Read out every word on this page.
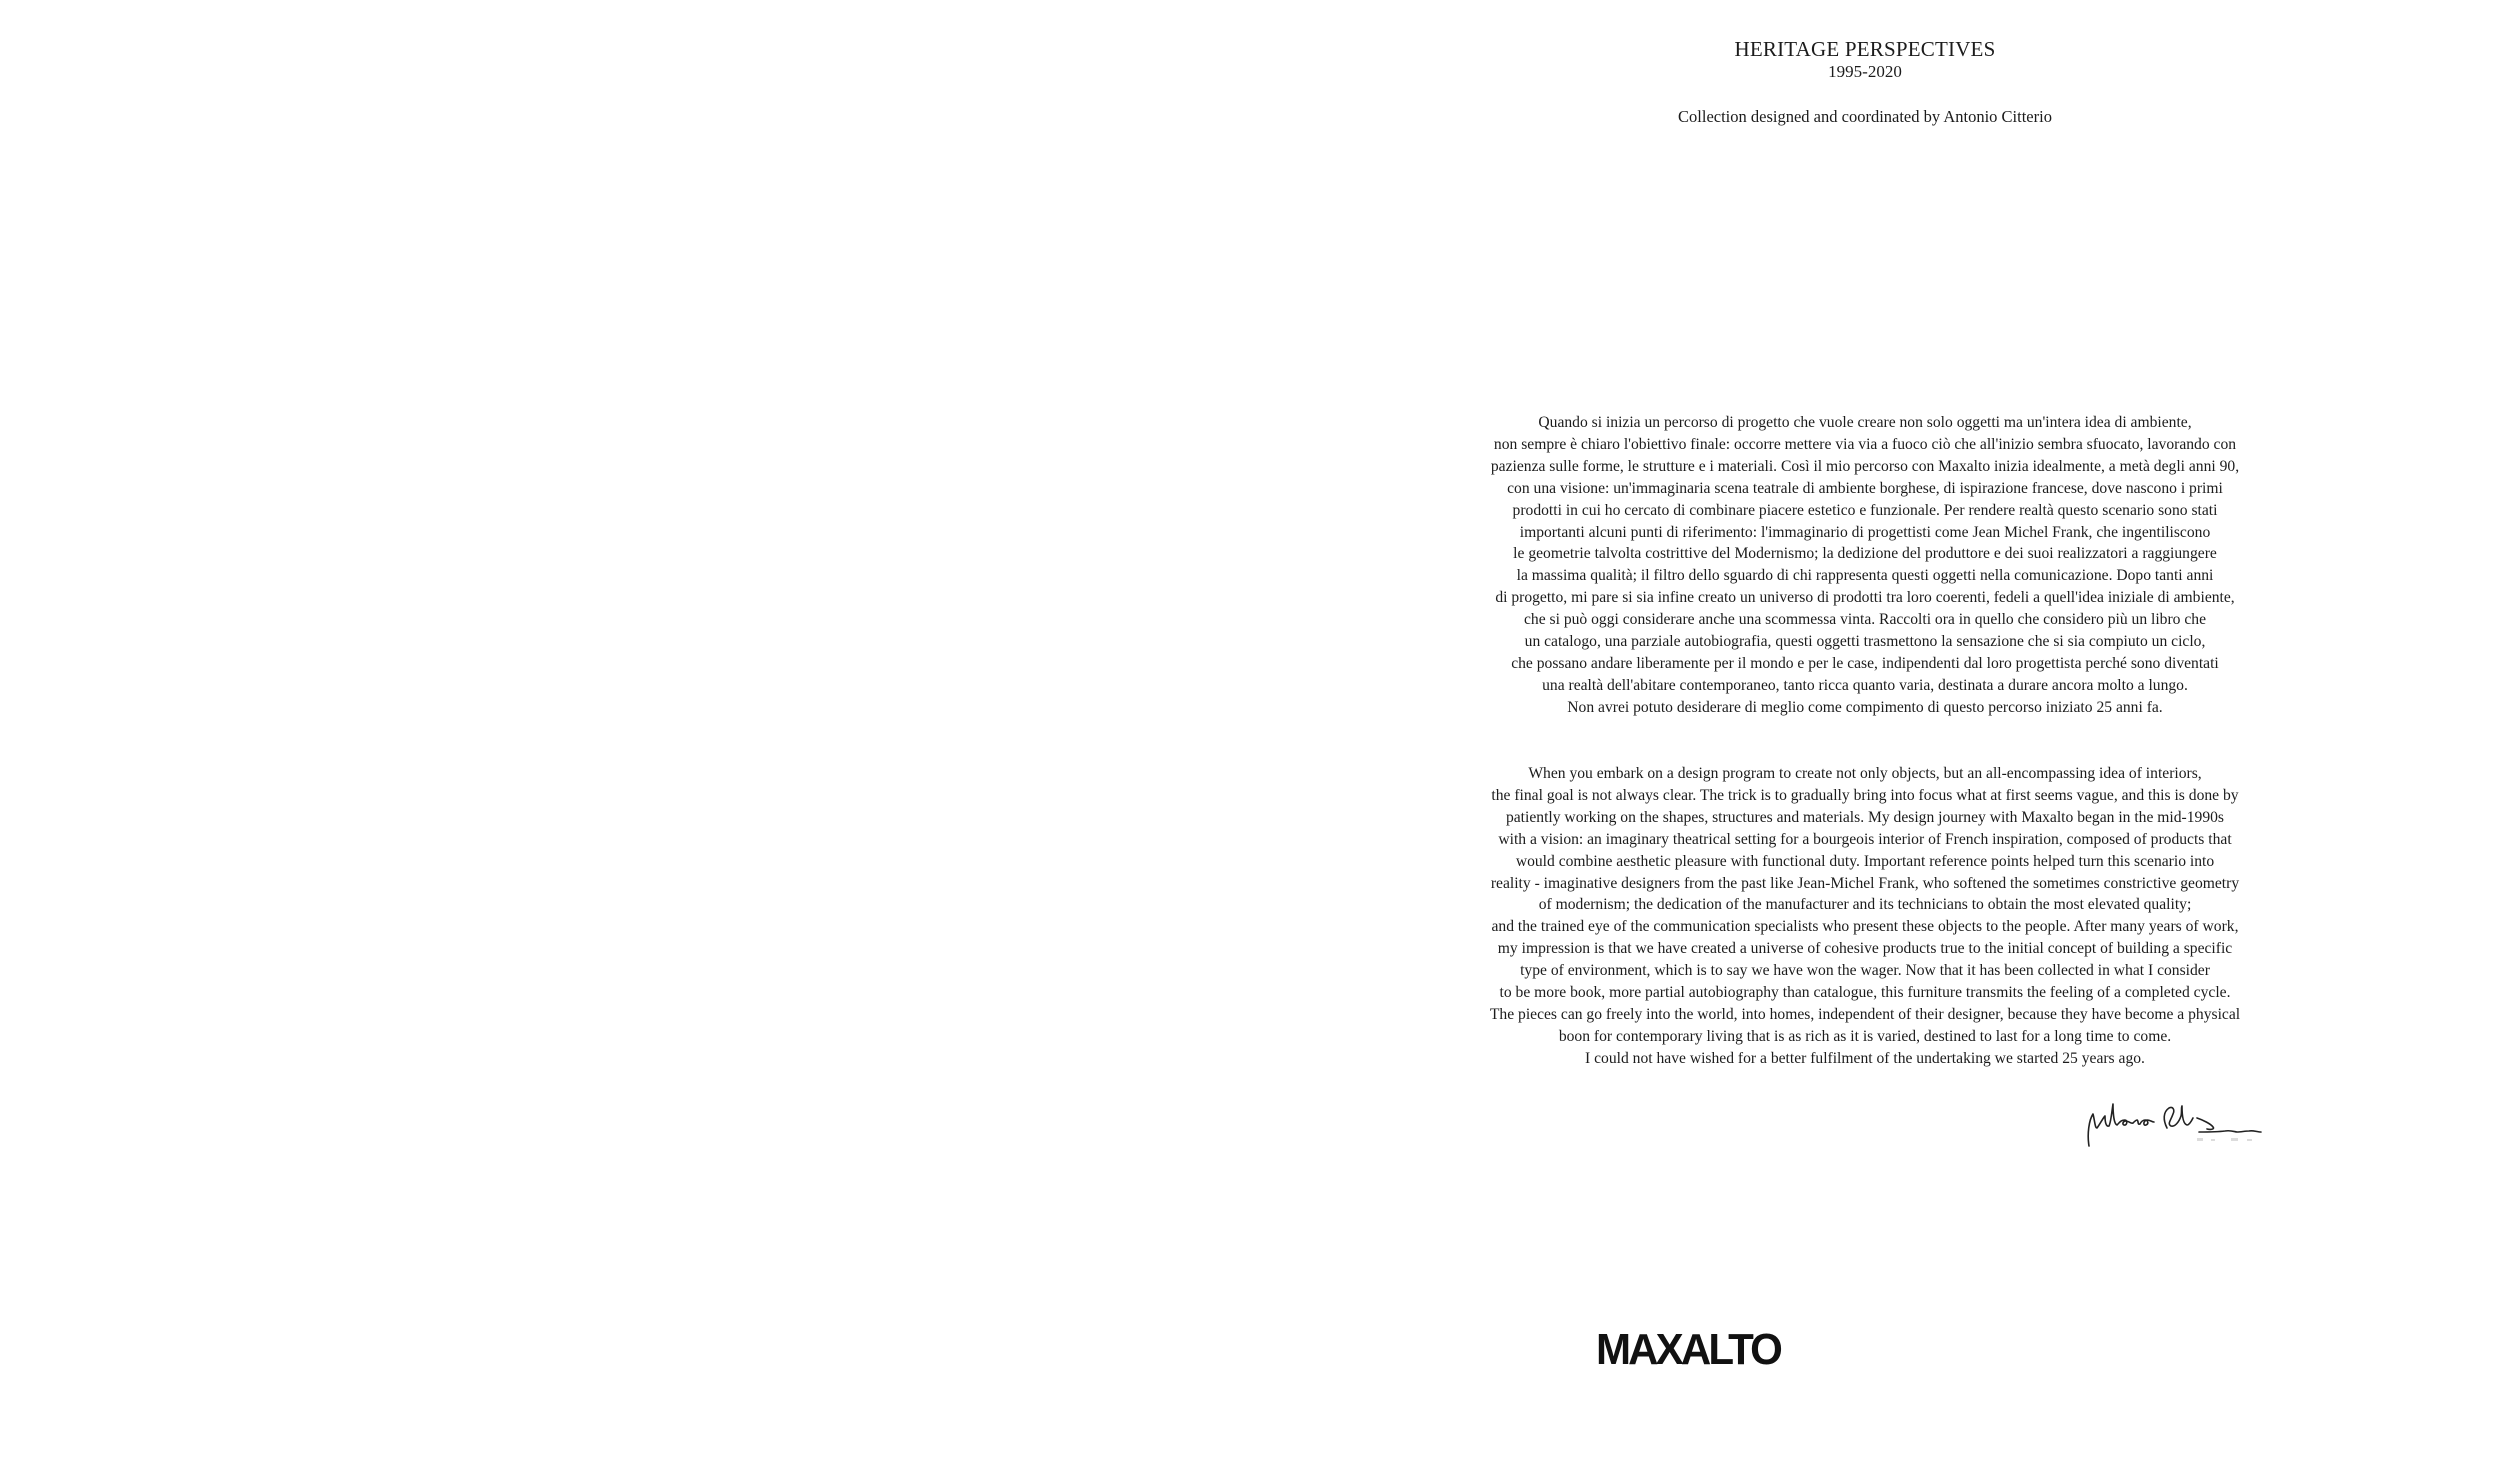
HERITAGE PERSPECTIVES
1995-2020
Collection designed and coordinated by Antonio Citterio
Quando si inizia un percorso di progetto che vuole creare non solo oggetti ma un'intera idea di ambiente,
non sempre è chiaro l'obiettivo finale: occorre mettere via via a fuoco ciò che all'inizio sembra sfuocato, lavorando con
pazienza sulle forme, le strutture e i materiali. Così il mio percorso con Maxalto inizia idealmente, a metà degli anni 90,
con una visione: un'immaginaria scena teatrale di ambiente borghese, di ispirazione francese, dove nascono i primi
prodotti in cui ho cercato di combinare piacere estetico e funzionale. Per rendere realtà questo scenario sono stati
importanti alcuni punti di riferimento: l'immaginario di progettisti come Jean Michel Frank, che ingentiliscono
le geometrie talvolta costrittive del Modernismo; la dedizione del produttore e dei suoi realizzatori a raggiungere
la massima qualità; il filtro dello sguardo di chi rappresenta questi oggetti nella comunicazione. Dopo tanti anni
di progetto, mi pare si sia infine creato un universo di prodotti tra loro coerenti, fedeli a quell'idea iniziale di ambiente,
che si può oggi considerare anche una scommessa vinta. Raccolti ora in quello che considero più un libro che
un catalogo, una parziale autobiografia, questi oggetti trasmettono la sensazione che si sia compiuto un ciclo,
che possano andare liberamente per il mondo e per le case, indipendenti dal loro progettista perché sono diventati
una realtà dell'abitare contemporaneo, tanto ricca quanto varia, destinata a durare ancora molto a lungo.
Non avrei potuto desiderare di meglio come compimento di questo percorso iniziato 25 anni fa.
When you embark on a design program to create not only objects, but an all-encompassing idea of interiors,
the final goal is not always clear. The trick is to gradually bring into focus what at first seems vague, and this is done by
patiently working on the shapes, structures and materials. My design journey with Maxalto began in the mid-1990s
with a vision: an imaginary theatrical setting for a bourgeois interior of French inspiration, composed of products that
would combine aesthetic pleasure with functional duty. Important reference points helped turn this scenario into
reality - imaginative designers from the past like Jean-Michel Frank, who softened the sometimes constrictive geometry
of modernism; the dedication of the manufacturer and its technicians to obtain the most elevated quality;
and the trained eye of the communication specialists who present these objects to the people. After many years of work,
my impression is that we have created a universe of cohesive products true to the initial concept of building a specific
type of environment, which is to say we have won the wager. Now that it has been collected in what I consider
to be more book, more partial autobiography than catalogue, this furniture transmits the feeling of a completed cycle.
The pieces can go freely into the world, into homes, independent of their designer, because they have become a physical
boon for contemporary living that is as rich as it is varied, destined to last for a long time to come.
I could not have wished for a better fulfilment of the undertaking we started 25 years ago.
MAXALTO
